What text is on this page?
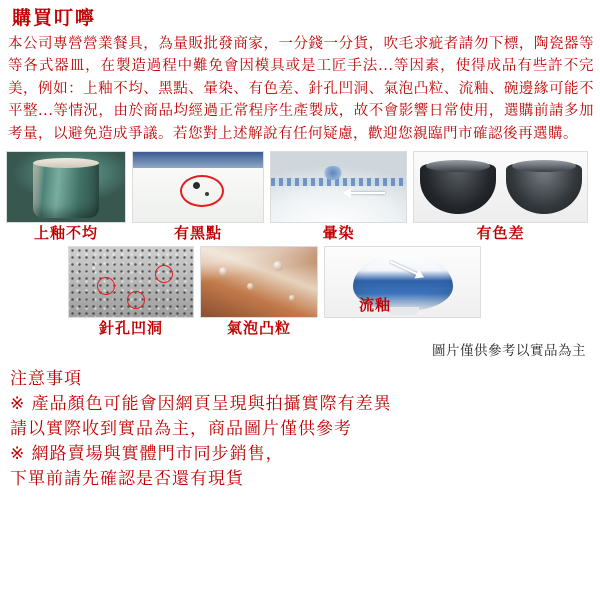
購買叮嚀

本公司專營營業餐具，為量販批發商家，一分錢一分貨，吹毛求疵者請勿下標，陶瓷器等等各式器皿，在製造過程中難免會因模具或是工匠手法...等因素，使得成品有些許不完美，例如：上釉不均、黑點、暈染、有色差、針孔凹洞、氣泡凸粒、流釉、碗邊緣可能不平整...等情況，由於商品均經過正常程序生產製成，故不會影響日常使用，選購前請多加考量，以避免造成爭議。若您對上述解說有任何疑慮，歡迎您親臨門市確認後再選購。

上釉不均	有黑點	暈染	有色差
針孔凹洞	氣泡凸粒
流釉
圖片僅供參考以實品為主
注意事項
※ 產品顏色可能會因網頁呈現與拍攝實際有差異
請以實際收到實品為主，商品圖片僅供參考
※ 網路賣場與實體門市同步銷售，
下單前請先確認是否還有現貨
